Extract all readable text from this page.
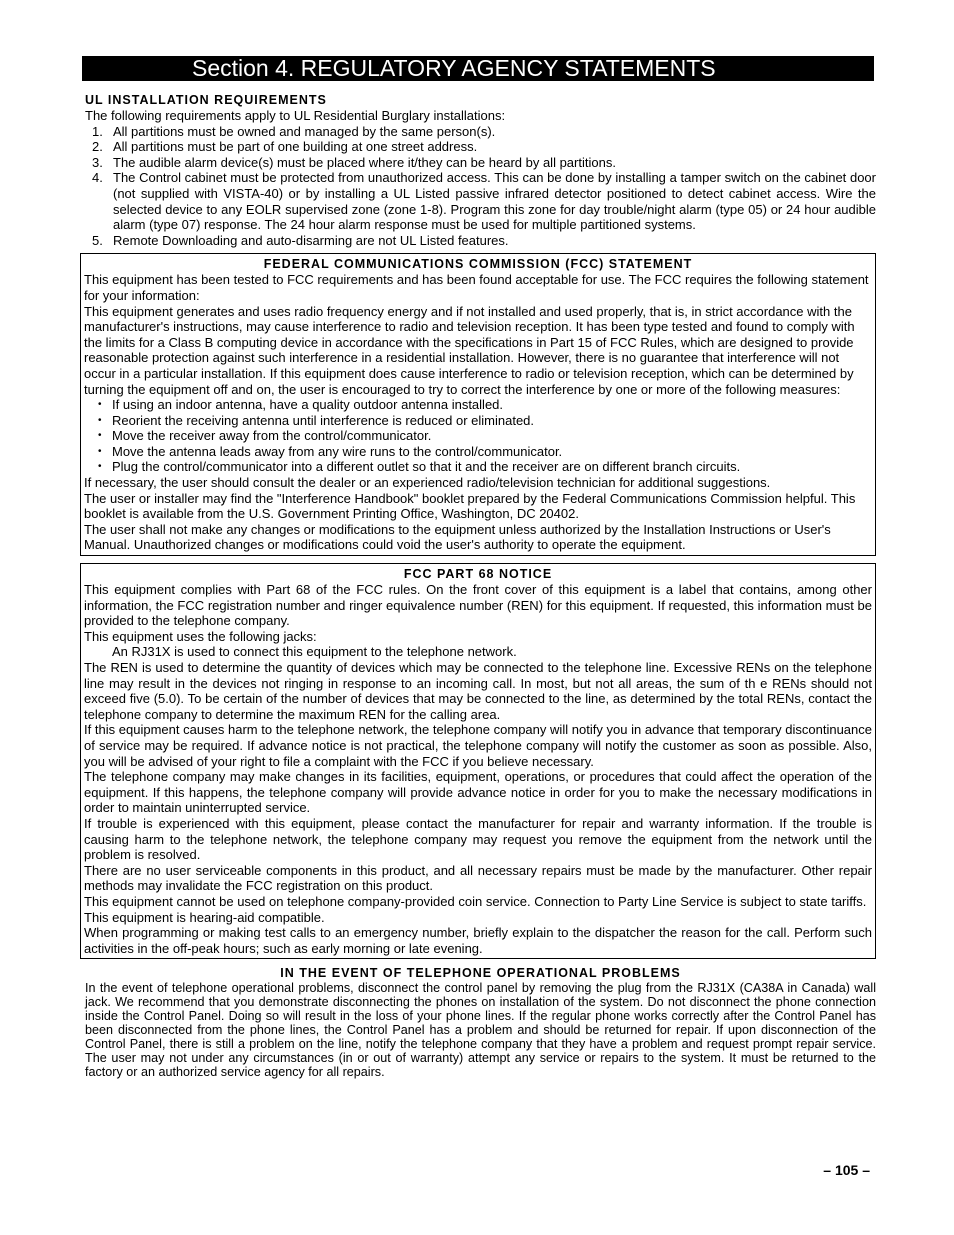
Section 4. REGULATORY AGENCY STATEMENTS
UL INSTALLATION REQUIREMENTS

The following requirements apply to UL Residential Burglary installations:

1. All partitions must be owned and managed by the same person(s).
2. All partitions must be part of one building at one street address.
3. The audible alarm device(s) must be placed where it/they can be heard by all partitions.
4. The Control cabinet must be protected from unauthorized access. This can be done by installing a tamper switch on the cabinet door (not supplied with VISTA-40) or by installing a UL Listed passive infrared detector positioned to detect cabinet access. Wire the selected device to any EOLR supervised zone (zone 1-8). Program this zone for day trouble/night alarm (type 05) or 24 hour audible alarm (type 07) response. The 24 hour alarm response must be used for multiple partitioned systems.
5. Remote Downloading and auto-disarming are not UL Listed features.
FEDERAL COMMUNICATIONS COMMISSION (FCC) STATEMENT

This equipment has been tested to FCC requirements and has been found acceptable for use. The FCC requires the following statement for your information:

This equipment generates and uses radio frequency energy and if not installed and used properly, that is, in strict accordance with the manufacturer's instructions, may cause interference to radio and television reception. It has been type tested and found to comply with the limits for a Class B computing device in accordance with the specifications in Part 15 of FCC Rules, which are designed to provide reasonable protection against such interference in a residential installation. However, there is no guarantee that interference will not occur in a particular installation. If this equipment does cause interference to radio or television reception, which can be determined by turning the equipment off and on, the user is encouraged to try to correct the interference by one or more of the following measures:

• If using an indoor antenna, have a quality outdoor antenna installed.
• Reorient the receiving antenna until interference is reduced or eliminated.
• Move the receiver away from the control/communicator.
• Move the antenna leads away from any wire runs to the control/communicator.
• Plug the control/communicator into a different outlet so that it and the receiver are on different branch circuits.

If necessary, the user should consult the dealer or an experienced radio/television technician for additional suggestions.

The user or installer may find the "Interference Handbook" booklet prepared by the Federal Communications Commission helpful. This booklet is available from the U.S. Government Printing Office, Washington, DC 20402.

The user shall not make any changes or modifications to the equipment unless authorized by the Installation Instructions or User's Manual. Unauthorized changes or modifications could void the user's authority to operate the equipment.

FCC PART 68 NOTICE

This equipment complies with Part 68 of the FCC rules. On the front cover of this equipment is a label that contains, among other information, the FCC registration number and ringer equivalence number (REN) for this equipment. If requested, this information must be provided to the telephone company.

This equipment uses the following jacks:

An RJ31X is used to connect this equipment to the telephone network.

The REN is used to determine the quantity of devices which may be connected to the telephone line. Excessive RENs on the telephone line may result in the devices not ringing in response to an incoming call. In most, but not all areas, the sum of th e RENs should not exceed five (5.0). To be certain of the number of devices that may be connected to the line, as determined by the total RENs, contact the telephone company to determine the maximum REN for the calling area.

If this equipment causes harm to the telephone network, the telephone company will notify you in advance that temporary discontinuance of service may be required. If advance notice is not practical, the telephone company will notify the customer as soon as possible. Also, you will be advised of your right to file a complaint with the FCC if you believe necessary.

The telephone company may make changes in its facilities, equipment, operations, or procedures that could affect the operation of the equipment. If this happens, the telephone company will provide advance notice in order for you to make the necessary modifications in order to maintain uninterrupted service.

If trouble is experienced with this equipment, please contact the manufacturer for repair and warranty information. If the trouble is causing harm to the telephone network, the telephone company may request you remove the equipment from the network until the problem is resolved.

There are no user serviceable components in this product, and all necessary repairs must be made by the manufacturer. Other repair methods may invalidate the FCC registration on this product.

This equipment cannot be used on telephone company-provided coin service. Connection to Party Line Service is subject to state tariffs.

This equipment is hearing-aid compatible.

When programming or making test calls to an emergency number, briefly explain to the dispatcher the reason for the call. Perform such activities in the off-peak hours; such as early morning or late evening.

IN THE EVENT OF TELEPHONE OPERATIONAL PROBLEMS

In the event of telephone operational problems, disconnect the control panel by removing the plug from the RJ31X (CA38A in Canada) wall jack. We recommend that you demonstrate disconnecting the phones on installation of the system. Do not disconnect the phone connection inside the Control Panel. Doing so will result in the loss of your phone lines. If the regular phone works correctly after the Control Panel has been disconnected from the phone lines, the Control Panel has a problem and should be returned for repair. If upon disconnection of the Control Panel, there is still a problem on the line, notify the telephone company that they have a problem and request prompt repair service. The user may not under any circumstances (in or out of warranty) attempt any service or repairs to the system. It must be returned to the factory or an authorized service agency for all repairs.

– 105 –
